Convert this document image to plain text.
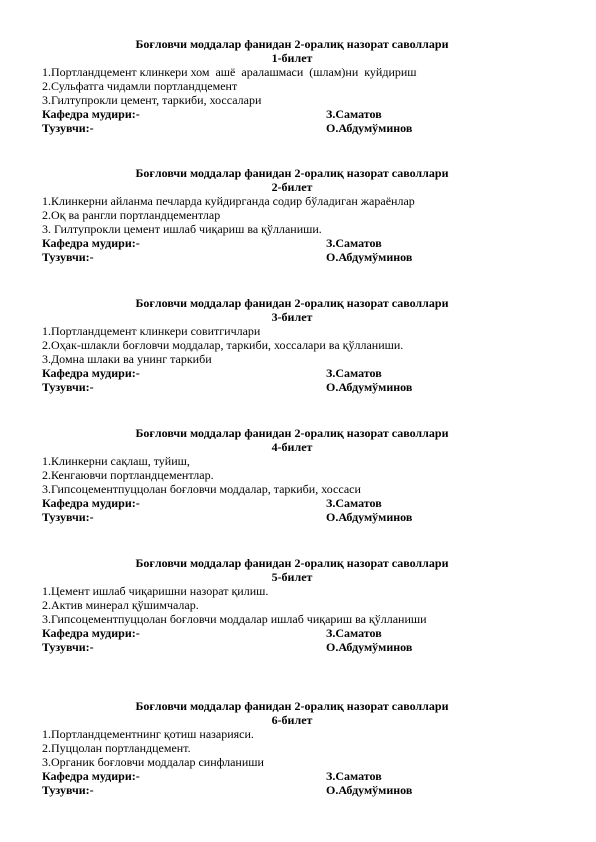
Боғловчи моддалар фанидан 2-оралиқ назорат саволлари
1-билет
1.Портландцемент клинкери хом  ашё  аралашмаси  (шлам)ни  куйдириш
2.Сульфатга чидамли портландцемент
3.Гилтупрокли цемент, таркиби, хоссалари
Кафедра мудири:-	З.Саматов
Тузувчи:-	О.Абдумўминов
Боғловчи моддалар фанидан 2-оралиқ назорат саволлари
2-билет
1.Клинкерни айланма печларда куйдирганда содир бўладиган жараёнлар
2.Оқ ва рангли портландцементлар
3. Гилтупрокли цемент ишлаб чиқариш ва қўлланиши.
Кафедра мудири:-	З.Саматов
Тузувчи:-	О.Абдумўминов
Боғловчи моддалар фанидан 2-оралиқ назорат саволлари
3-билет
1.Портландцемент клинкери совитгичлари
2.Оҳак-шлакли боғловчи моддалар, таркиби, хоссалари ва қўлланиши.
3.Домна шлаки ва унинг таркиби
Кафедра мудири:-	З.Саматов
Тузувчи:-	О.Абдумўминов
Боғловчи моддалар фанидан 2-оралиқ назорат саволлари
4-билет
1.Клинкерни сақлаш, туйиш,
2.Кенгаювчи портландцементлар.
3.Гипсоцементпуццолан боғловчи моддалар, таркиби, хоссаси
Кафедра мудири:-	З.Саматов
Тузувчи:-	О.Абдумўминов
Боғловчи моддалар фанидан 2-оралиқ назорат саволлари
5-билет
1.Цемент ишлаб чиқаришни назорат қилиш.
2.Актив минерал қўшимчалар.
3.Гипсоцементпуццолан боғловчи моддалар ишлаб чиқариш ва қўлланиши
Кафедра мудири:-	З.Саматов
Тузувчи:-	О.Абдумўминов
Боғловчи моддалар фанидан 2-оралиқ назорат саволлари
6-билет
1.Портландцементнинг қотиш назарияси.
2.Пуццолан портландцемент.
3.Органик боғловчи моддалар синфланиши
Кафедра мудири:-	З.Саматов
Тузувчи:-	О.Абдумўминов
